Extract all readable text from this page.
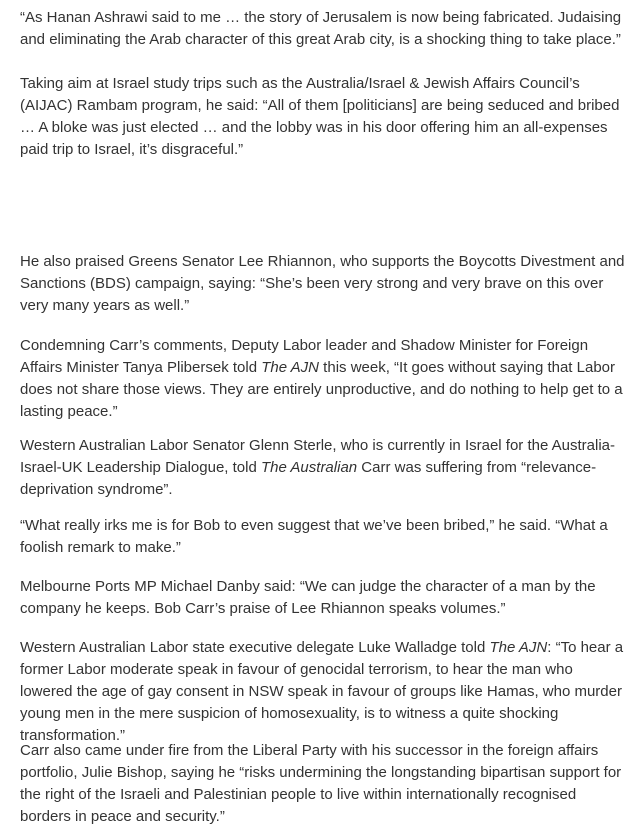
“As Hanan Ashrawi said to me … the story of Jerusalem is now being fabricated. Judaising and eliminating the Arab character of this great Arab city, is a shocking thing to take place.”

Taking aim at Israel study trips such as the Australia/Israel & Jewish Affairs Council’s (AIJAC) Rambam program, he said: “All of them [politicians] are being seduced and bribed … A bloke was just elected … and the lobby was in his door offering him an all-expenses paid trip to Israel, it’s disgraceful.”

He also praised Greens Senator Lee Rhiannon, who supports the Boycotts Divestment and Sanctions (BDS) campaign, saying: “She’s been very strong and very brave on this over very many years as well.”

Condemning Carr’s comments, Deputy Labor leader and Shadow Minister for Foreign Affairs Minister Tanya Plibersek told The AJN this week, “It goes without saying that Labor does not share those views. They are entirely unproductive, and do nothing to help get to a lasting peace.”

Western Australian Labor Senator Glenn Sterle, who is currently in Israel for the Australia-Israel-UK Leadership Dialogue, told The Australian Carr was suffering from “relevance-deprivation syndrome”.

“What really irks me is for Bob to even suggest that we’ve been bribed,” he said. “What a foolish remark to make.”

Melbourne Ports MP Michael Danby said: “We can judge the character of a man by the company he keeps. Bob Carr’s praise of Lee Rhiannon speaks volumes.”

Western Australian Labor state executive delegate Luke Walladge told The AJN: “To hear a former Labor moderate speak in favour of genocidal terrorism, to hear the man who lowered the age of gay consent in NSW speak in favour of groups like Hamas, who murder young men in the mere suspicion of homosexuality, is to witness a quite shocking transformation.”

Carr also came under fire from the Liberal Party with his successor in the foreign affairs portfolio, Julie Bishop, saying he “risks undermining the longstanding bipartisan support for the right of the Israeli and Palestinian people to live within internationally recognised borders in peace and security.”
